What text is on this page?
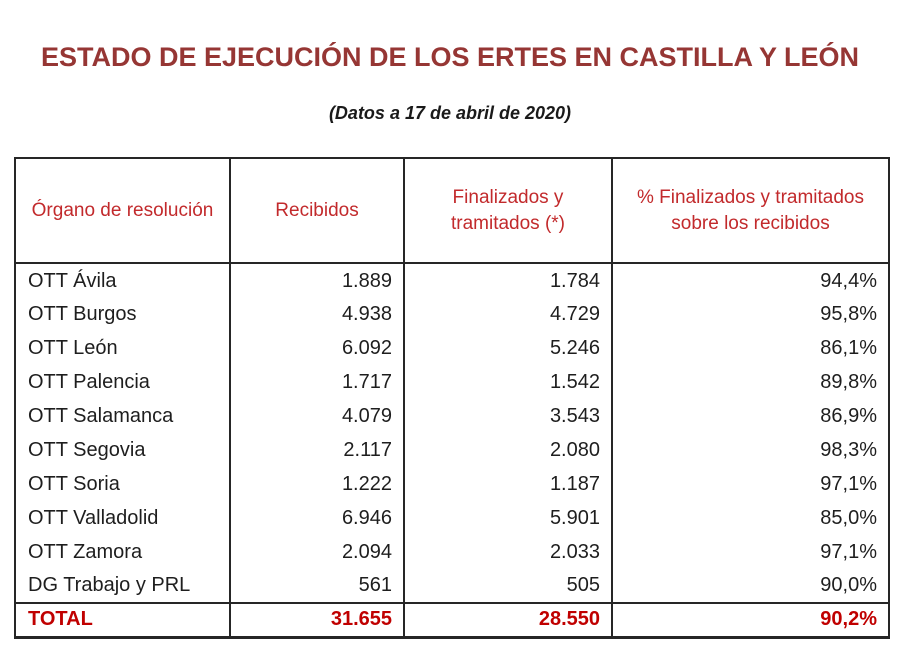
ESTADO DE EJECUCIÓN DE LOS ERTES EN CASTILLA Y LEÓN
(Datos a 17 de abril de 2020)
Órgano de resolución	Recibidos	Finalizados y tramitados (*)	% Finalizados y tramitados sobre los recibidos
OTT Ávila	1.889	1.784	94,4%
OTT Burgos	4.938	4.729	95,8%
OTT León	6.092	5.246	86,1%
OTT Palencia	1.717	1.542	89,8%
OTT Salamanca	4.079	3.543	86,9%
OTT Segovia	2.117	2.080	98,3%
OTT Soria	1.222	1.187	97,1%
OTT Valladolid	6.946	5.901	85,0%
OTT Zamora	2.094	2.033	97,1%
DG Trabajo y PRL	561	505	90,0%
TOTAL	31.655	28.550	90,2%
